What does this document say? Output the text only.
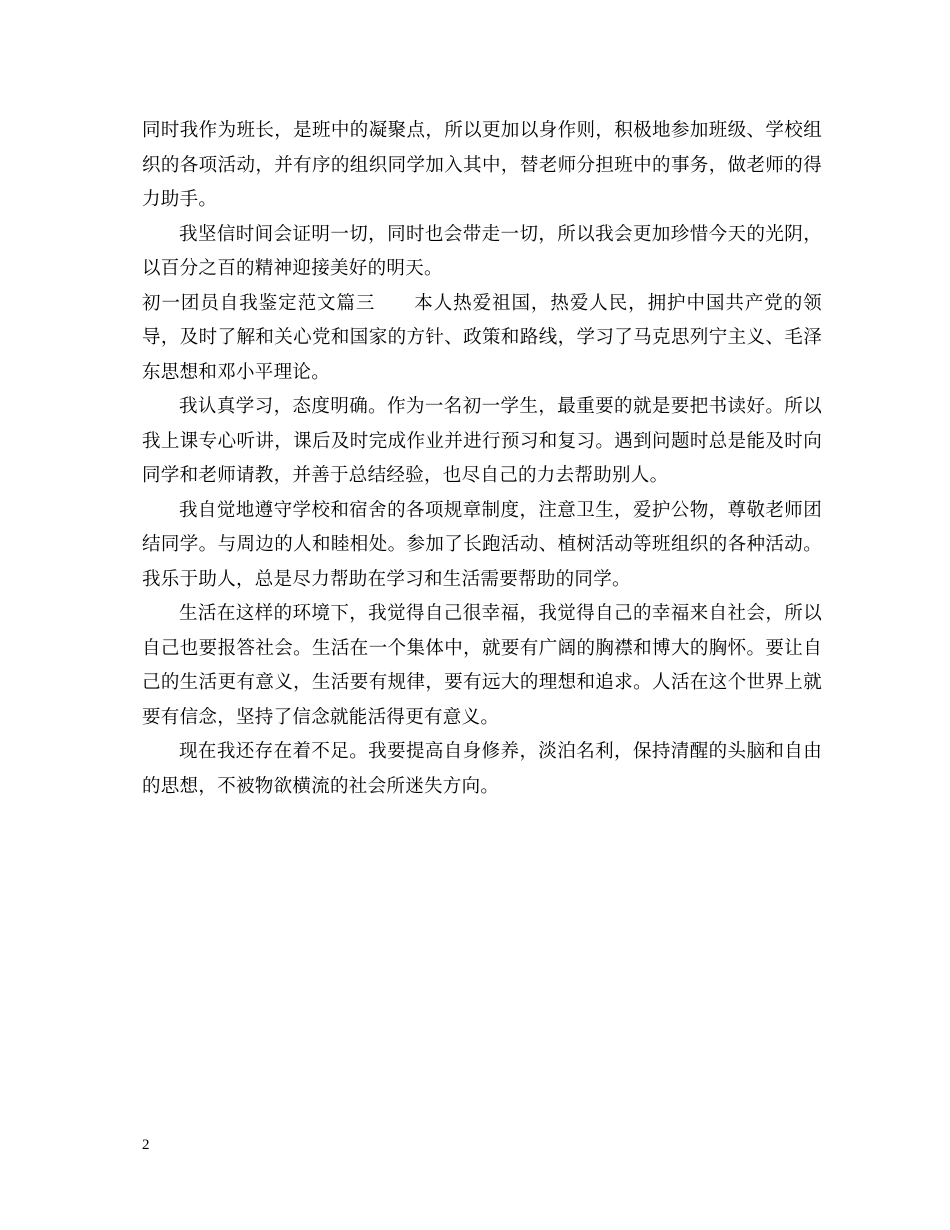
同时我作为班长，是班中的凝聚点，所以更加以身作则，积极地参加班级、学校组织的各项活动，并有序的组织同学加入其中，替老师分担班中的事务，做老师的得力助手。

我坚信时间会证明一切，同时也会带走一切，所以我会更加珍惜今天的光阴，以百分之百的精神迎接美好的明天。

初一团员自我鉴定范文篇三　　本人热爱祖国，热爱人民，拥护中国共产党的领导，及时了解和关心党和国家的方针、政策和路线，学习了马克思列宁主义、毛泽东思想和邓小平理论。

我认真学习，态度明确。作为一名初一学生，最重要的就是要把书读好。所以我上课专心听讲，课后及时完成作业并进行预习和复习。遇到问题时总是能及时向同学和老师请教，并善于总结经验，也尽自己的力去帮助别人。

我自觉地遵守学校和宿舍的各项规章制度，注意卫生，爱护公物，尊敬老师团结同学。与周边的人和睦相处。参加了长跑活动、植树活动等班组织的各种活动。我乐于助人，总是尽力帮助在学习和生活需要帮助的同学。

生活在这样的环境下，我觉得自己很幸福，我觉得自己的幸福来自社会，所以自己也要报答社会。生活在一个集体中，就要有广阔的胸襟和博大的胸怀。要让自己的生活更有意义，生活要有规律，要有远大的理想和追求。人活在这个世界上就要有信念，坚持了信念就能活得更有意义。

现在我还存在着不足。我要提高自身修养，淡泊名利，保持清醒的头脑和自由的思想，不被物欲横流的社会所迷失方向。

2
